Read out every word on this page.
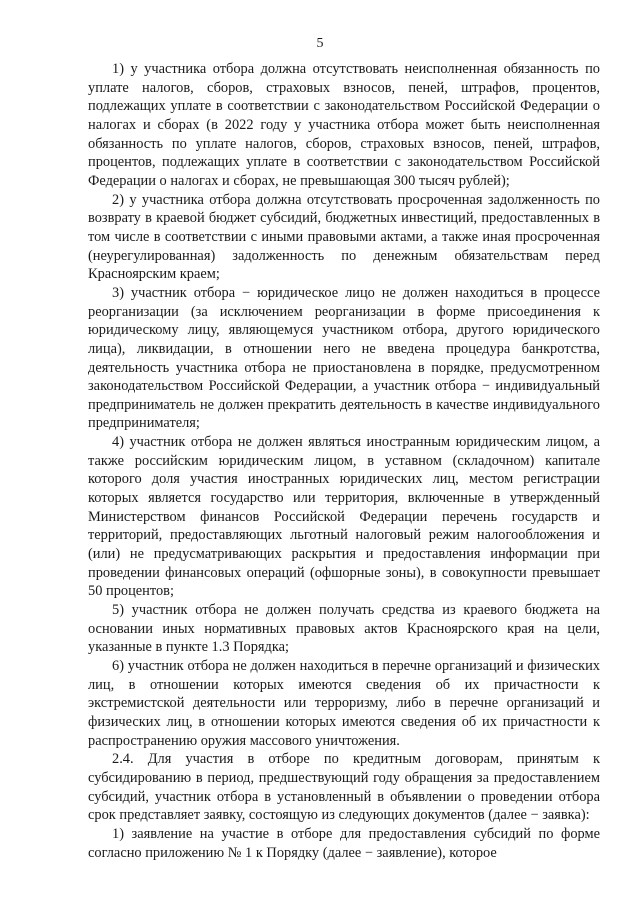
5

1) у участника отбора должна отсутствовать неисполненная обязанность по уплате налогов, сборов, страховых взносов, пеней, штрафов, процентов, подлежащих уплате в соответствии с законодательством Российской Федерации о налогах и сборах (в 2022 году у участника отбора может быть неисполненная обязанность по уплате налогов, сборов, страховых взносов, пеней, штрафов, процентов, подлежащих уплате в соответствии с законодательством Российской Федерации о налогах и сборах, не превышающая 300 тысяч рублей);

2) у участника отбора должна отсутствовать просроченная задолженность по возврату в краевой бюджет субсидий, бюджетных инвестиций, предоставленных в том числе в соответствии с иными правовыми актами, а также иная просроченная (неурегулированная) задолженность по денежным обязательствам перед Красноярским краем;

3) участник отбора − юридическое лицо не должен находиться в процессе реорганизации (за исключением реорганизации в форме присоединения к юридическому лицу, являющемуся участником отбора, другого юридического лица), ликвидации, в отношении него не введена процедура банкротства, деятельность участника отбора не приостановлена в порядке, предусмотренном законодательством Российской Федерации, а участник отбора − индивидуальный предприниматель не должен прекратить деятельность в качестве индивидуального предпринимателя;

4) участник отбора не должен являться иностранным юридическим лицом, а также российским юридическим лицом, в уставном (складочном) капитале которого доля участия иностранных юридических лиц, местом регистрации которых является государство или территория, включенные в утвержденный Министерством финансов Российской Федерации перечень государств и территорий, предоставляющих льготный налоговый режим налогообложения и (или) не предусматривающих раскрытия и предоставления информации при проведении финансовых операций (офшорные зоны), в совокупности превышает 50 процентов;

5) участник отбора не должен получать средства из краевого бюджета на основании иных нормативных правовых актов Красноярского края на цели, указанные в пункте 1.3 Порядка;

6) участник отбора не должен находиться в перечне организаций и физических лиц, в отношении которых имеются сведения об их причастности к экстремистской деятельности или терроризму, либо в перечне организаций и физических лиц, в отношении которых имеются сведения об их причастности к распространению оружия массового уничтожения.

2.4. Для участия в отборе по кредитным договорам, принятым к субсидированию в период, предшествующий году обращения за предоставлением субсидий, участник отбора в установленный в объявлении о проведении отбора срок представляет заявку, состоящую из следующих документов (далее − заявка):

1) заявление на участие в отборе для предоставления субсидий по форме согласно приложению № 1 к Порядку (далее − заявление), которое
